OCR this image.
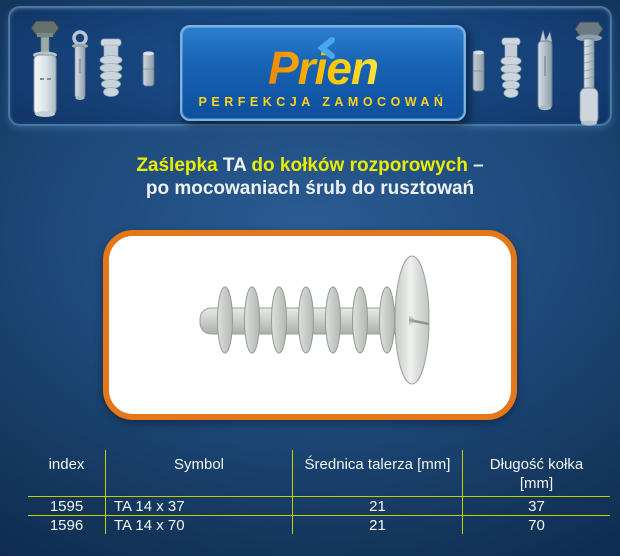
Prien
PERFEKCJA ZAMOCOWAŃ
Zaślepka TA do kołków rozporowych –
po mocowaniach śrub do rusztowań
index	Symbol	Średnica talerza [mm]	Długość kołka
[mm]
1595	TA 14 x 37	21	37
1596	TA 14 x 70	21	70
